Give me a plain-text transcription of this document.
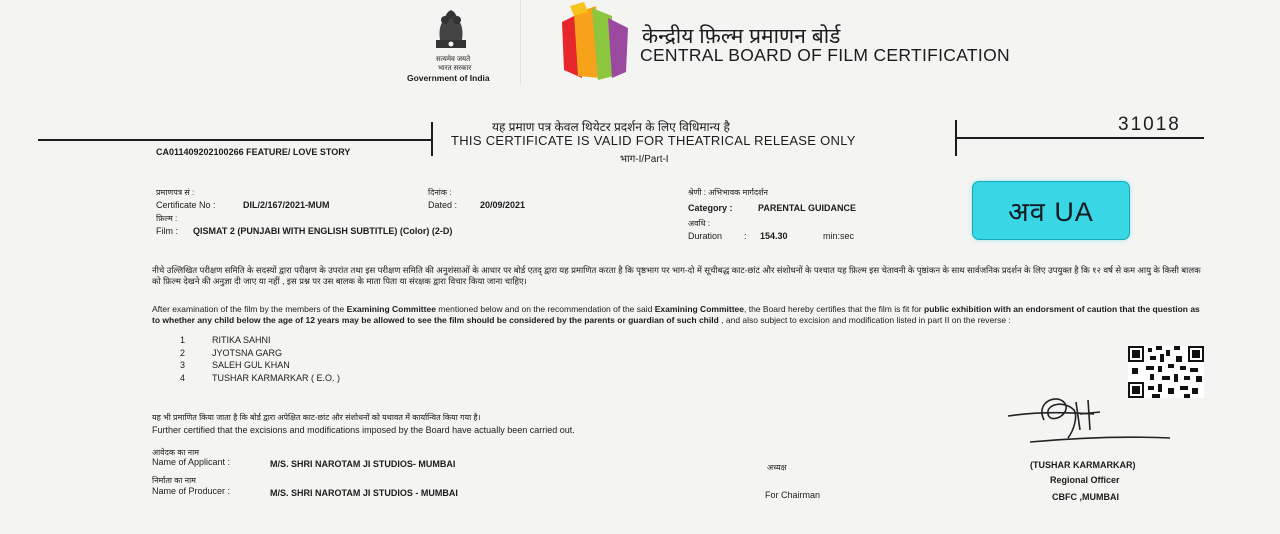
सत्यमेव जयते
भारत सरकार
Government of India
केन्द्रीय फ़िल्म प्रमाणन बोर्ड
CENTRAL BOARD OF FILM CERTIFICATION
यह प्रमाण पत्र केवल थियेटर प्रदर्शन के लिए विधिमान्य है
THIS CERTIFICATE IS VALID FOR THEATRICAL RELEASE ONLY
भाग-I/Part-I
31018
CA011409202100266 FEATURE/ LOVE STORY
प्रमाणपत्र सं :
Certificate No :	DIL/2/167/2021-MUM
दिनांक :
Dated :	20/09/2021
श्रेणी : अभिभावक मार्गदर्शन
Category :	PARENTAL GUIDANCE
फ़िल्म :
Film : QISMAT 2 (PUNJABI WITH ENGLISH SUBTITLE) (Color) (2-D)
अवधि :
Duration : 154.30	min:sec
अव UA
नीचे उल्लिखित परीक्षण समिति के सदस्यों द्वारा परीक्षण के उपरांत तथा इस परीक्षण समिति की अनुशंसाओं के आधार पर बोर्ड एतद् द्वारा यह प्रमाणित करता है कि पृष्ठभाग पर भाग-दो में सूचीबद्ध काट-छांट और संशोधनों के पश्चात यह फ़िल्म इस चेतावनी के पृष्ठांकन के साथ सार्वजनिक प्रदर्शन के लिए उपयुक्त है कि १२ वर्ष से कम आयु के किसी बालक को फ़िल्म देखने की अनुज्ञा दी जाए या नहीं , इस प्रश्न पर उस बालक के माता पिता या संरक्षक द्वारा विचार किया जाना चाहिए।
After examination of the film by the members of the Examining Committee mentioned below and on the recommendation of the said Examining Committee, the Board hereby certifies that the film is fit for public exhibition with an endorsment of caution that the question as to whether any child below the age of 12 years may be allowed to see the film should be considered by the parents or guardian of such child , and also subject to excision and modification listed in part II on the reverse :
1	RITIKA SAHNI
2	JYOTSNA GARG
3	SALEH GUL KHAN
4	TUSHAR KARMARKAR ( E.O. )
यह भी प्रमाणित किया जाता है कि बोर्ड द्वारा अपेक्षित काट-छांट और संशोधनों को यथावत में कार्यान्वित किया गया है।
Further certified that the excisions and modifications imposed by the Board have actually been carried out.
आवेदक का नाम
Name of Applicant :	M/S. SHRI NAROTAM JI STUDIOS- MUMBAI
निर्माता का नाम
Name of Producer :	M/S. SHRI NAROTAM JI STUDIOS - MUMBAI
अध्यक्ष
For Chairman
(TUSHAR KARMARKAR)
Regional Officer
CBFC ,MUMBAI
